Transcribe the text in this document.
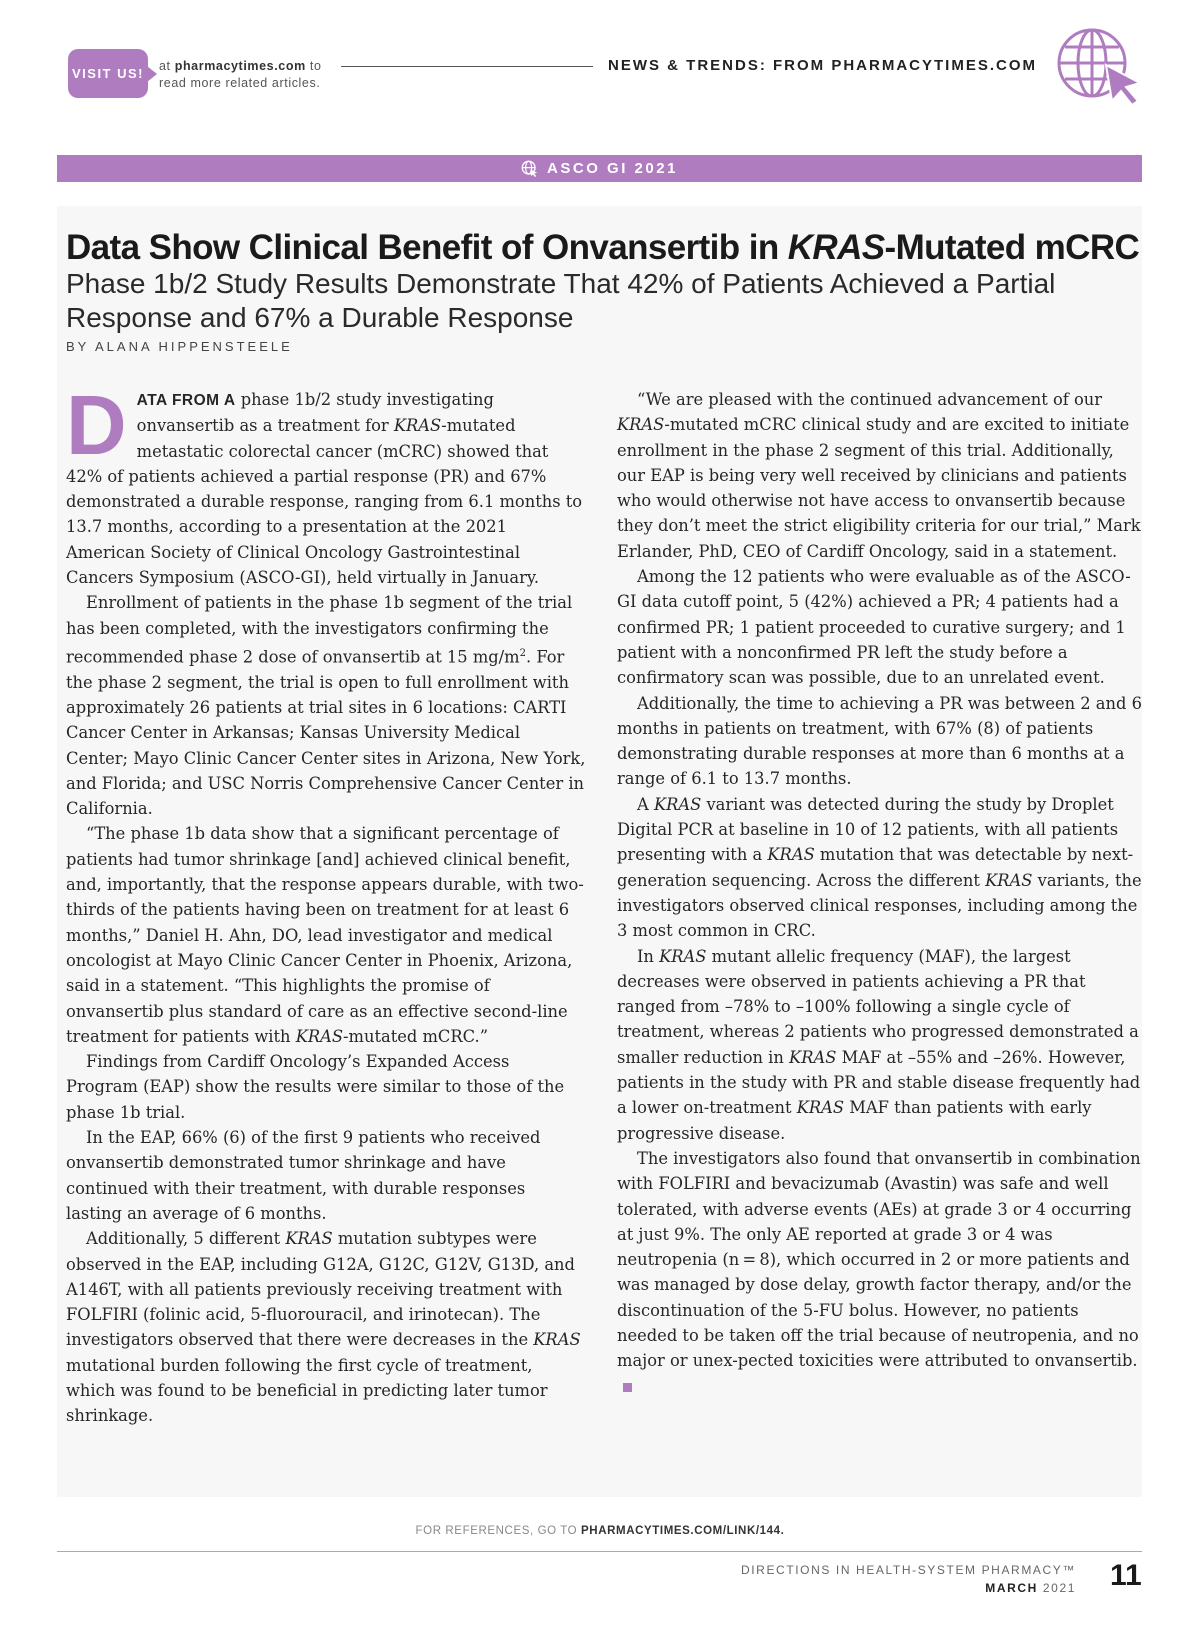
VISIT US!	at pharmacytimes.com to
read more related articles.
NEWS & TRENDS: FROM PHARMACYTIMES.COM
ASCO GI 2021
Data Show Clinical Benefit of Onvansertib in KRAS-Mutated mCRC
Phase 1b/2 Study Results Demonstrate That 42% of Patients Achieved a Partial Response and 67% a Durable Response
BY ALANA HIPPENSTEELE

DATA FROM A phase 1b/2 study investigating onvansertib as a treatment for KRAS-mutated metastatic colorectal cancer (mCRC) showed that 42% of patients achieved a partial response (PR) and 67% demonstrated a durable response, ranging from 6.1 months to 13.7 months, according to a presentation at the 2021 American Society of Clinical Oncology Gastrointestinal Cancers Symposium (ASCO-GI), held virtually in January.

Enrollment of patients in the phase 1b segment of the trial has been completed, with the investigators confirming the recommended phase 2 dose of onvansertib at 15 $mg/m^2$. For the phase 2 segment, the trial is open to full enrollment with approximately 26 patients at trial sites in 6 locations: CARTI Cancer Center in Arkansas; Kansas University Medical Center; Mayo Clinic Cancer Center sites in Arizona, New York, and Florida; and USC Norris Comprehensive Cancer Center in California.

“The phase 1b data show that a significant percentage of patients had tumor shrinkage [and] achieved clinical benefit, and, importantly, that the response appears durable, with two-thirds of the patients having been on treatment for at least 6 months,” Daniel H. Ahn, DO, lead investigator and medical oncologist at Mayo Clinic Cancer Center in Phoenix, Arizona, said in a statement. “This highlights the promise of onvansertib plus standard of care as an effective second-line treatment for patients with KRAS-mutated mCRC.”

Findings from Cardiff Oncology’s Expanded Access Program (EAP) show the results were similar to those of the phase 1b trial.

In the EAP, 66% (6) of the first 9 patients who received onvansertib demonstrated tumor shrinkage and have continued with their treatment, with durable responses lasting an average of 6 months.

Additionally, 5 different KRAS mutation subtypes were observed in the EAP, including G12A, G12C, G12V, G13D, and A146T, with all patients previously receiving treatment with FOLFIRI (folinic acid, 5-fluorouracil, and irinotecan). The investigators observed that there were decreases in the KRAS mutational burden following the first cycle of treatment, which was found to be beneficial in predicting later tumor shrinkage.

“We are pleased with the continued advancement of our KRAS-mutated mCRC clinical study and are excited to initiate enrollment in the phase 2 segment of this trial. Additionally, our EAP is being very well received by clinicians and patients who would otherwise not have access to onvansertib because they don’t meet the strict eligibility criteria for our trial,” Mark Erlander, PhD, CEO of Cardiff Oncology, said in a statement.

Among the 12 patients who were evaluable as of the ASCO-GI data cutoff point, 5 (42%) achieved a PR; 4 patients had a confirmed PR; 1 patient proceeded to curative surgery; and 1 patient with a nonconfirmed PR left the study before a confirmatory scan was possible, due to an unrelated event.

Additionally, the time to achieving a PR was between 2 and 6 months in patients on treatment, with 67% (8) of patients demonstrating durable responses at more than 6 months at a range of 6.1 to 13.7 months.

A KRAS variant was detected during the study by Droplet Digital PCR at baseline in 10 of 12 patients, with all patients presenting with a KRAS mutation that was detectable by next-generation sequencing. Across the different KRAS variants, the investigators observed clinical responses, including among the 3 most common in CRC.

In KRAS mutant allelic frequency (MAF), the largest decreases were observed in patients achieving a PR that ranged from –78% to –100% following a single cycle of treatment, whereas 2 patients who progressed demonstrated a smaller reduction in KRAS MAF at –55% and –26%. However, patients in the study with PR and stable disease frequently had a lower on-treatment KRAS MAF than patients with early progressive disease.

The investigators also found that onvansertib in combination with FOLFIRI and bevacizumab (Avastin) was safe and well tolerated, with adverse events (AEs) at grade 3 or 4 occurring at just 9%. The only AE reported at grade 3 or 4 was neutropenia (n = 8), which occurred in 2 or more patients and was managed by dose delay, growth factor therapy, and/or the discontinuation of the 5-FU bolus. However, no patients needed to be taken off the trial because of neutropenia, and no major or unex-pected toxicities were attributed to onvansertib.

FOR REFERENCES, GO TO PHARMACYTIMES.COM/LINK/144.
DIRECTIONS IN HEALTH-SYSTEM PHARMACY™
MARCH 2021 11
